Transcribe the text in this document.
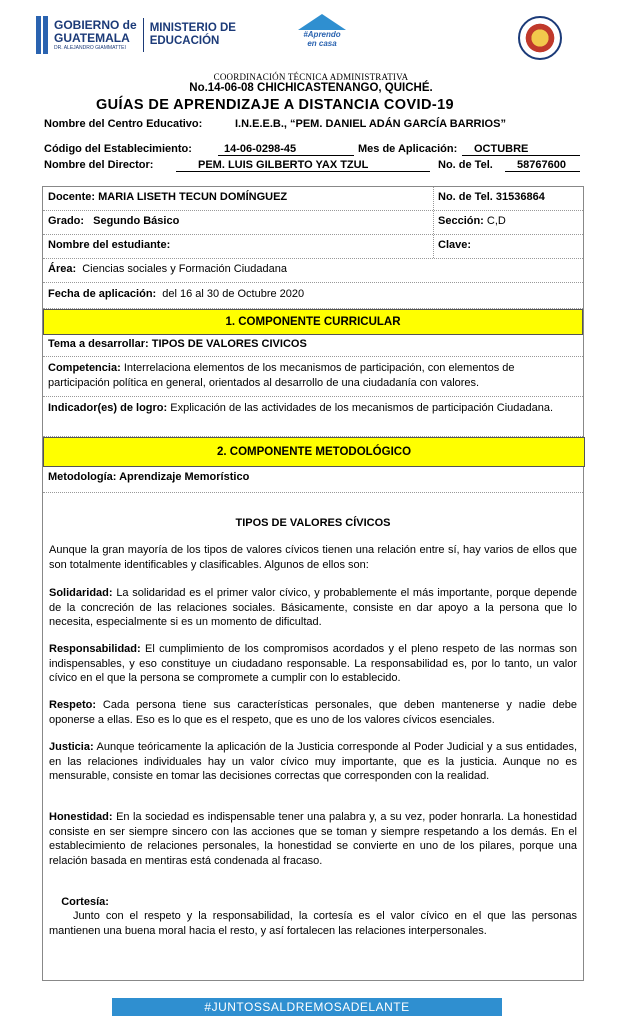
GOBIERNO de
GUATEMALA
DR. ALEJANDRO GIAMMATTEI
MINISTERIO DE
EDUCACIÓN
#Aprendo en casa
COORDINACIÓN TÉCNICA ADMINISTRATIVA
No.14-06-08 CHICHICASTENANGO, QUICHÉ.
GUÍAS DE APRENDIZAJE A DISTANCIA COVID-19
Nombre del Centro Educativo:	I.N.E.E.B., “PEM. DANIEL ADÁN GARCÍA BARRIOS”
Código del Establecimiento:	14-06-0298-45	Mes de Aplicación:	OCTUBRE
Nombre del Director:	PEM. LUIS GILBERTO YAX TZUL	No. de Tel.	58767600
Docente: MARIA LISETH TECUN DOMÍNGUEZ	No. de Tel. 31536864
Grado: Segundo Básico	Sección: C,D
Nombre del estudiante:	Clave:
Área: Ciencias sociales y Formación Ciudadana
Fecha de aplicación: del 16 al 30 de Octubre 2020
1. COMPONENTE CURRICULAR
Tema a desarrollar: TIPOS DE VALORES CIVICOS
Competencia: Interrelaciona elementos de los mecanismos de participación, con elementos de participación política en general, orientados al desarrollo de una ciudadanía con valores.
Indicador(es) de logro: Explicación de las actividades de los mecanismos de participación Ciudadana.
2. COMPONENTE METODOLÓGICO
Metodología: Aprendizaje Memorístico
TIPOS DE VALORES CÍVICOS
Aunque la gran mayoría de los tipos de valores cívicos tienen una relación entre sí, hay varios de ellos que son totalmente identificables y clasificables. Algunos de ellos son:
Solidaridad: La solidaridad es el primer valor cívico, y probablemente el más importante, porque depende de la concreción de las relaciones sociales. Básicamente, consiste en dar apoyo a la persona que lo necesita, especialmente si es un momento de dificultad.
Responsabilidad: El cumplimiento de los compromisos acordados y el pleno respeto de las normas son indispensables, y eso constituye un ciudadano responsable. La responsabilidad es, por lo tanto, un valor cívico en el que la persona se compromete a cumplir con lo establecido.
Respeto: Cada persona tiene sus características personales, que deben mantenerse y nadie debe oponerse a ellas. Eso es lo que es el respeto, que es uno de los valores cívicos esenciales.
Justicia: Aunque teóricamente la aplicación de la Justicia corresponde al Poder Judicial y a sus entidades, en las relaciones individuales hay un valor cívico muy importante, que es la justicia. Aunque no es mensurable, consiste en tomar las decisiones correctas que corresponden con la realidad.
Honestidad: En la sociedad es indispensable tener una palabra y, a su vez, poder honrarla. La honestidad consiste en ser siempre sincero con las acciones que se toman y siempre respetando a los demás. En el establecimiento de relaciones personales, la honestidad se convierte en uno de los pilares, porque una relación basada en mentiras está condenada al fracaso.

Cortesía:
Junto con el respeto y la responsabilidad, la cortesía es el valor cívico en el que las personas      mantienen una buena moral hacia el resto, y así fortalecen las relaciones interpersonales.

#JUNTOSSALDREMOSADELANTE
